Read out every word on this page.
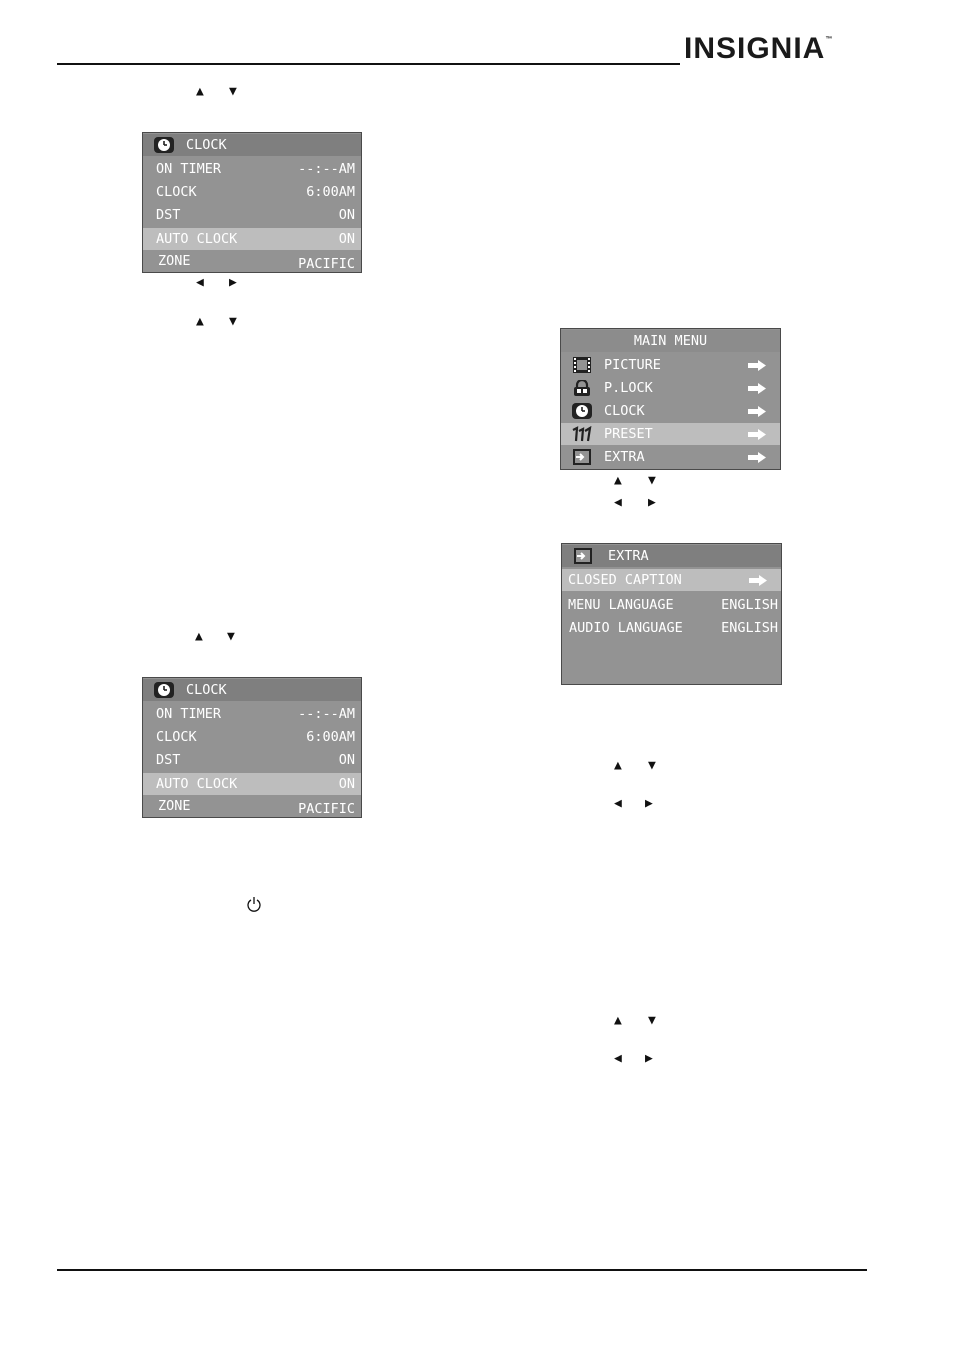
INSIGNIA™
▲ ▼
◀ ▶
▲ ▼
▲ ▼
▲ ▼
◀ ▶
▲ ▼
◀ ▶
▲ ▼
◀ ▶
CLOCK
ON TIMER	--:--AM
CLOCK	6:00AM
DST	ON
AUTO CLOCK	ON
ZONE	PACIFIC
CLOCK
ON TIMER	--:--AM
CLOCK	6:00AM
DST	ON
AUTO CLOCK	ON
ZONE	PACIFIC
MAIN MENU
PICTURE
P.LOCK
CLOCK
PRESET
EXTRA
EXTRA
CLOSED CAPTION
MENU LANGUAGE	ENGLISH
AUDIO LANGUAGE	ENGLISH
